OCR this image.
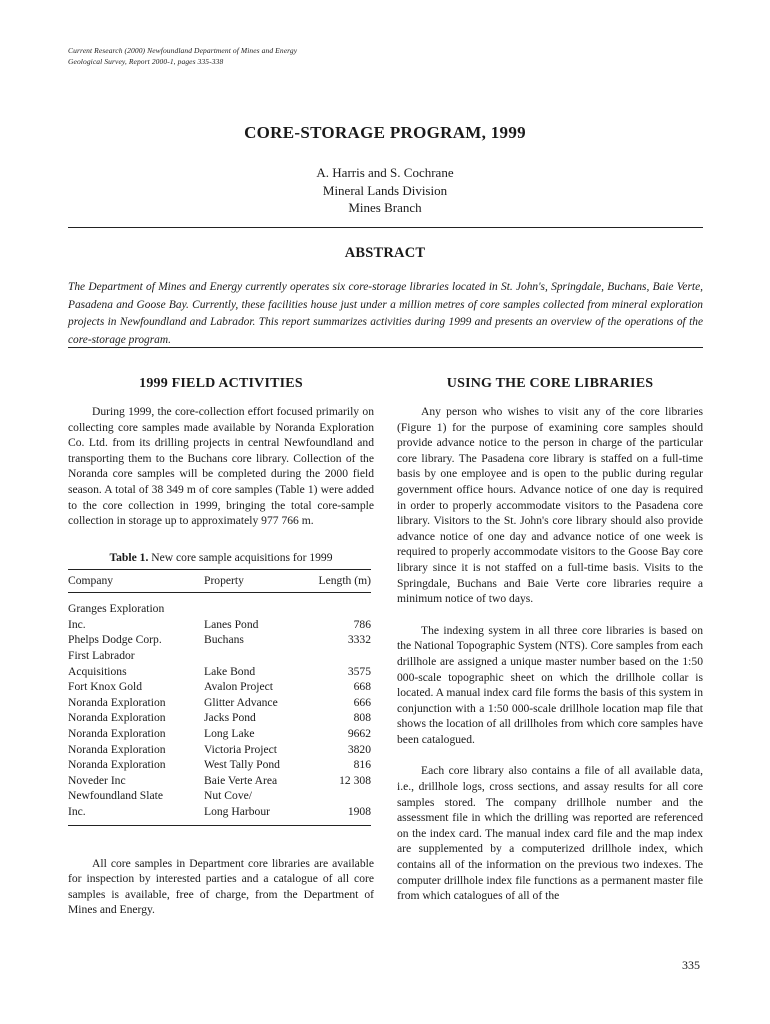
Current Research (2000) Newfoundland Department of Mines and Energy
Geological Survey, Report 2000-1, pages 335-338
CORE-STORAGE PROGRAM, 1999
A. Harris and S. Cochrane
Mineral Lands Division
Mines Branch
ABSTRACT
The Department of Mines and Energy currently operates six core-storage libraries located in St. John's, Springdale, Buchans, Baie Verte, Pasadena and Goose Bay. Currently, these facilities house just under a million metres of core samples collected from mineral exploration projects in Newfoundland and Labrador. This report summarizes activities during 1999 and presents an overview of the operations of the core-storage program.
1999 FIELD ACTIVITIES

During 1999, the core-collection effort focused primarily on collecting core samples made available by Noranda Exploration Co. Ltd. from its drilling projects in central Newfoundland and transporting them to the Buchans core library. Collection of the Noranda core samples will be completed during the 2000 field season. A total of 38 349 m of core samples (Table 1) were added to the core collection in 1999, bringing the total core-sample collection in storage up to approximately 977 766 m.

Table 1. New core sample acquisitions for 1999
Company	Property	Length (m)
Granges Exploration		
Inc.	Lanes Pond	786
Phelps Dodge Corp.	Buchans	3332
First Labrador		
Acquisitions	Lake Bond	3575
Fort Knox Gold	Avalon Project	668
Noranda Exploration	Glitter Advance	666
Noranda Exploration	Jacks Pond	808
Noranda Exploration	Long Lake	9662
Noranda Exploration	Victoria Project	3820
Noranda Exploration	West Tally Pond	816
Noveder Inc	Baie Verte Area	12 308
Newfoundland Slate	Nut Cove/	
Inc.	Long Harbour	1908

All core samples in Department core libraries are available for inspection by interested parties and a catalogue of all core samples is available, free of charge, from the Department of Mines and Energy.

USING THE CORE LIBRARIES

Any person who wishes to visit any of the core libraries (Figure 1) for the purpose of examining core samples should provide advance notice to the person in charge of the particular core library. The Pasadena core library is staffed on a full-time basis by one employee and is open to the public during regular government office hours. Advance notice of one day is required in order to properly accommodate visitors to the Pasadena core library. Visitors to the St. John's core library should also provide advance notice of one day and advance notice of one week is required to properly accommodate visitors to the Goose Bay core library since it is not staffed on a full-time basis. Visits to the Springdale, Buchans and Baie Verte core libraries require a minimum notice of two days.

The indexing system in all three core libraries is based on the National Topographic System (NTS). Core samples from each drillhole are assigned a unique master number based on the 1:50 000-scale topographic sheet on which the drillhole collar is located. A manual index card file forms the basis of this system in conjunction with a 1:50 000-scale drillhole location map file that shows the location of all drillholes from which core samples have been catalogued.

Each core library also contains a file of all available data, i.e., drillhole logs, cross sections, and assay results for all core samples stored. The company drillhole number and the assessment file in which the drilling was reported are referenced on the index card. The manual index card file and the map index are supplemented by a computerized drillhole index, which contains all of the information on the previous two indexes. The computer drillhole index file functions as a permanent master file from which catalogues of all of the

335
